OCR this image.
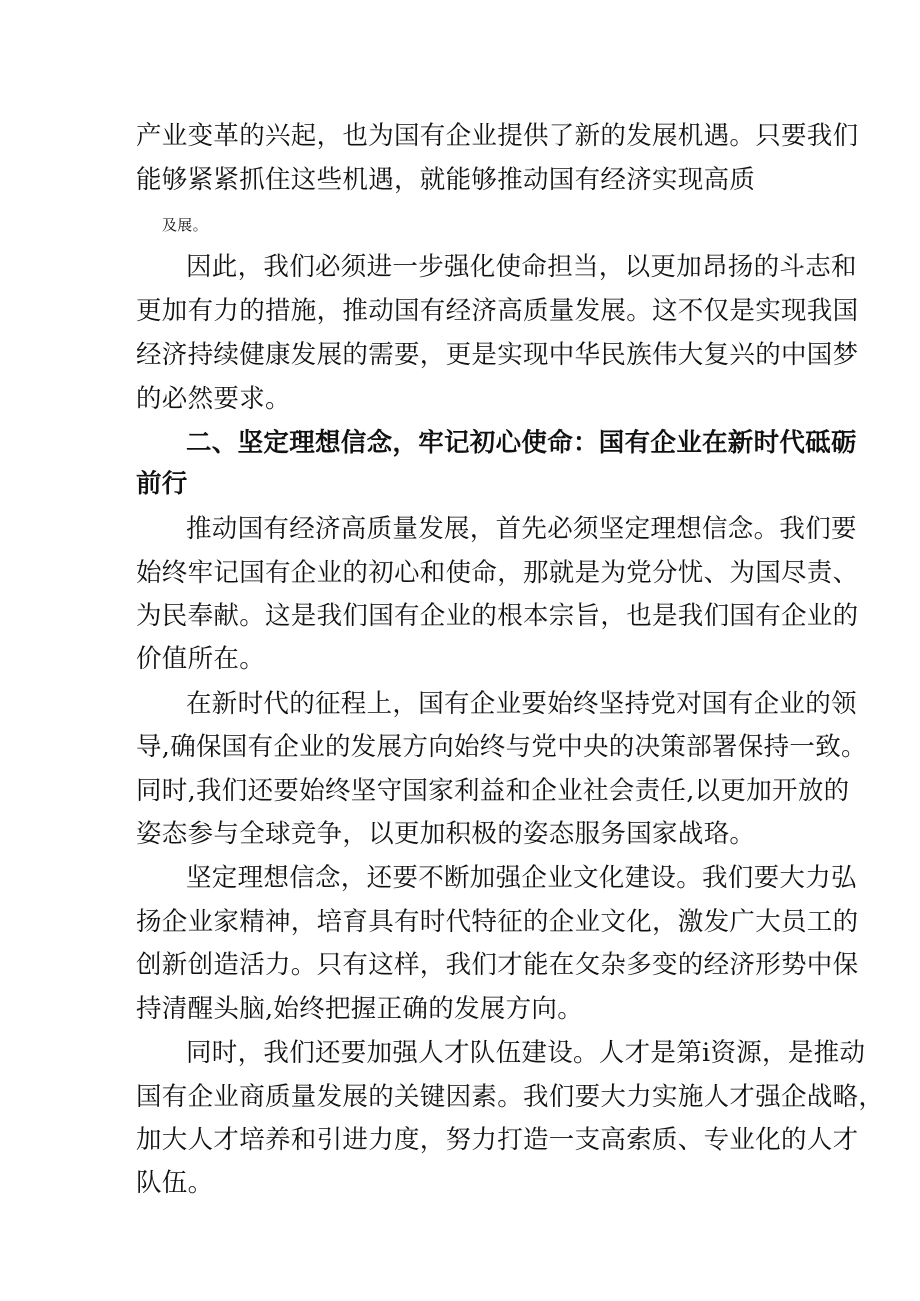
产业变革的兴起，也为国有企业提供了新的发展机遇。只要我们
能够紧紧抓住这些机遇，就能够推动国有经济实现高质
及展。
因此，我们必须进一步强化使命担当，以更加昂扬的斗志和
更加有力的措施，推动国有经济高质量发展。这不仅是实现我国
经济持续健康发展的需要，更是实现中华民族伟大复兴的中国梦
的必然要求。
二、坚定理想信念，牢记初心使命：国有企业在新时代砥砺
前行
推动国有经济高质量发展，首先必须坚定理想信念。我们要
始终牢记国有企业的初心和使命，那就是为党分忧、为国尽责、
为民奉献。这是我们国有企业的根本宗旨，也是我们国有企业的
价值所在。
在新时代的征程上，国有企业要始终坚持党对国有企业的领
导,确保国有企业的发展方向始终与党中央的决策部署保持一致。
同时,我们还要始终坚守国家利益和企业社会责任,以更加开放的
姿态参与全球竞争，以更加积极的姿态服务国家战珞。
坚定理想信念，还要不断加强企业文化建设。我们要大力弘
扬企业家精神，培育具有时代特征的企业文化，激发广大员工的
创新创造活力。只有这样，我们才能在攵杂多变的经济形势中保
持清醒头脑,始终把握正确的发展方向。
同时，我们还要加强人才队伍建设。人才是第i资源，是推动
国有企业商质量发展的关键因素。我们要大力实施人才强企战略，
加大人才培养和引进力度，努力打造一支高索质、专业化的人才
队伍。
